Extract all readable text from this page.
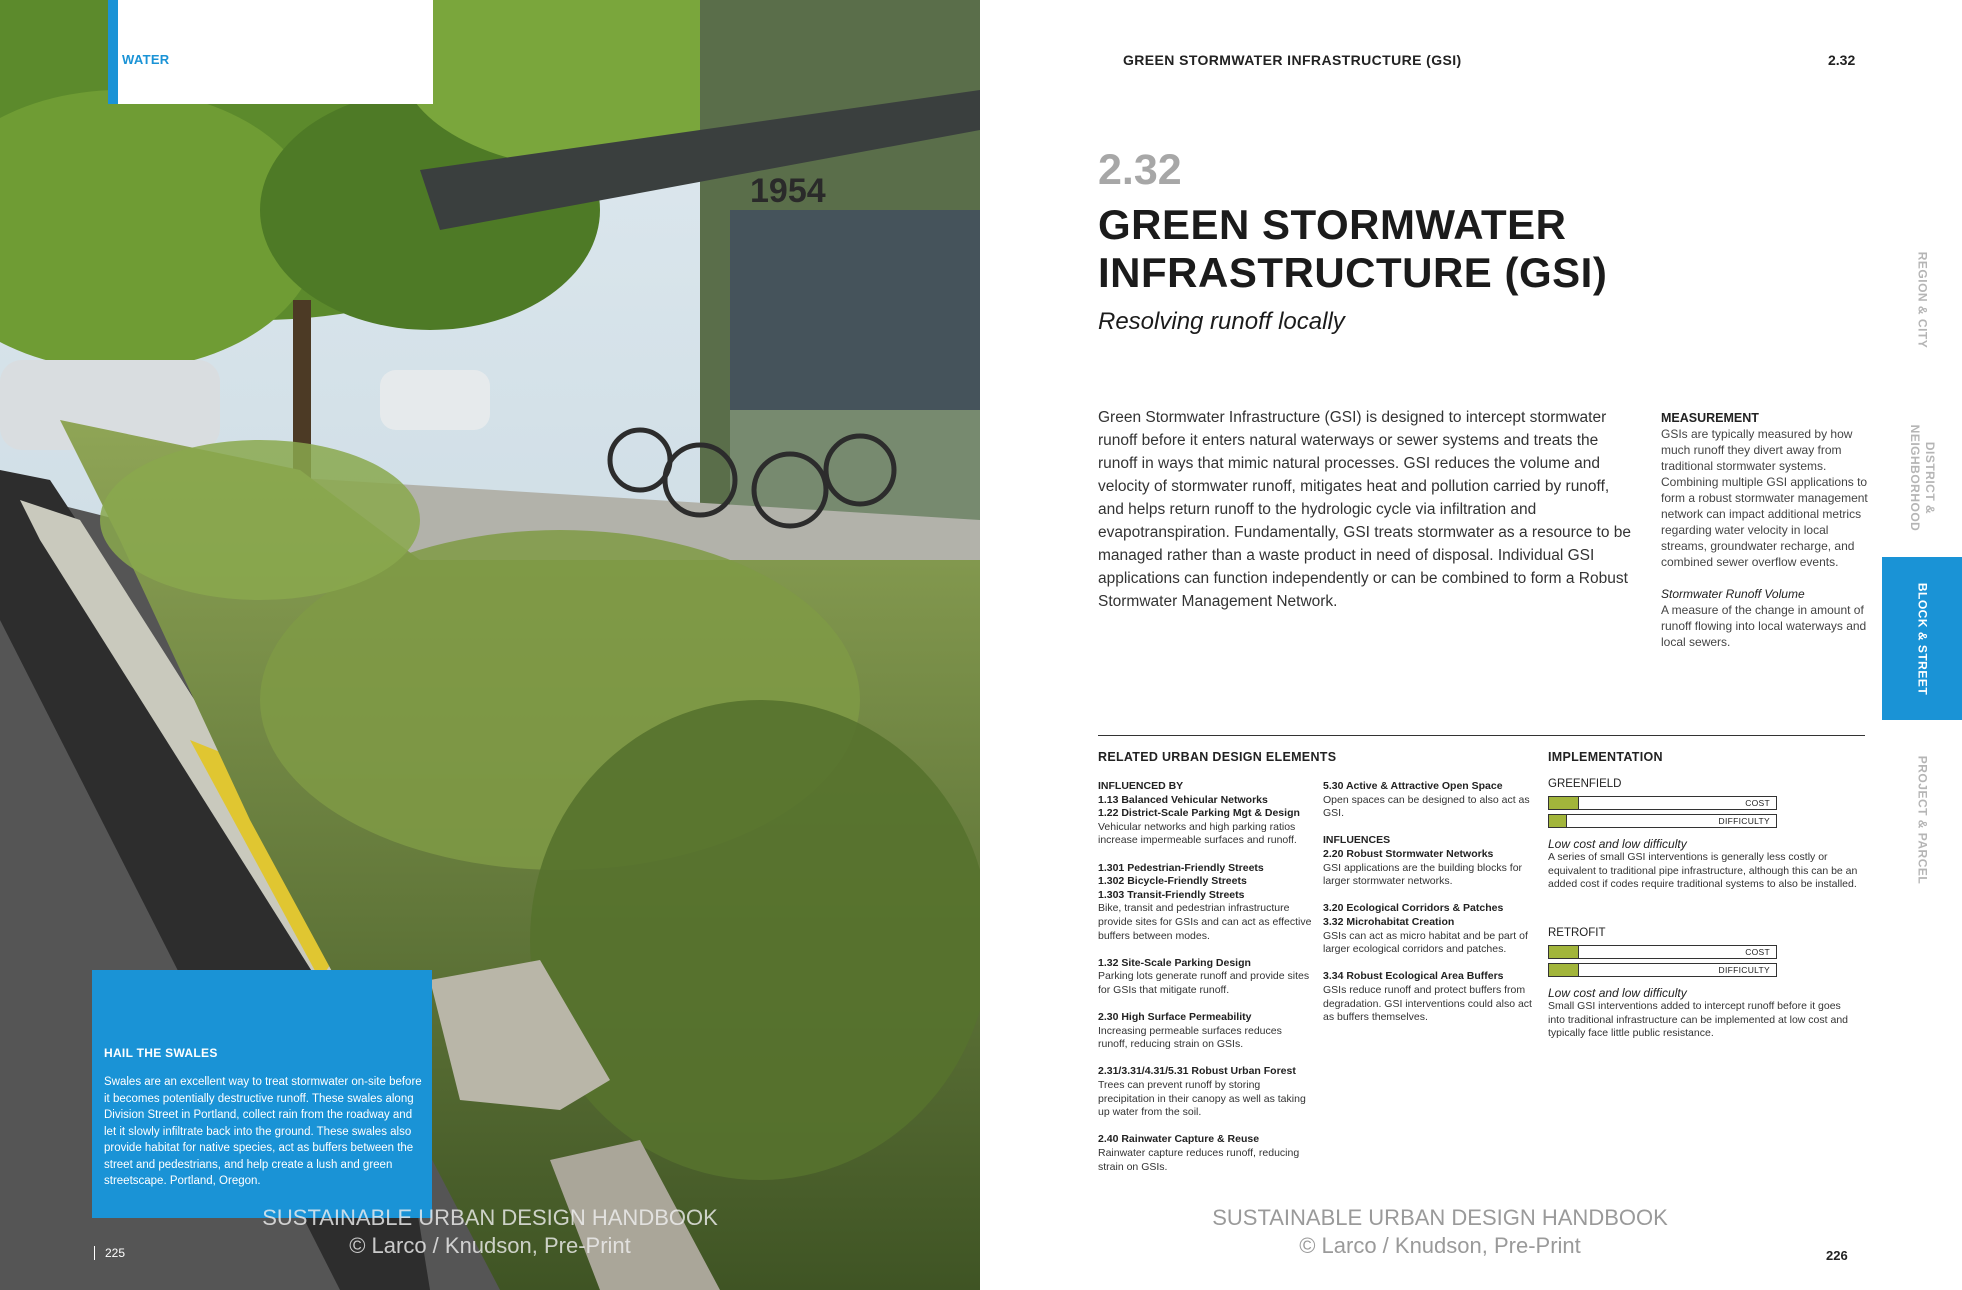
1954
WATER
HAIL THE SWALES

Swales are an excellent way to treat stormwater on-site before it becomes potentially destructive runoff. These swales along Division Street in Portland, collect rain from the roadway and let it slowly infiltrate back into the ground. These swales also provide habitat for native species, act as buffers between the street and pedestrians, and help create a lush and green streetscape. Portland, Oregon.

SUSTAINABLE URBAN DESIGN HANDBOOK
© Larco / Knudson, Pre-Print
225
GREEN STORMWATER INFRASTRUCTURE (GSI)	2.32
2.32
GREEN STORMWATER
INFRASTRUCTURE (GSI)
Resolving runoff locally

Green Stormwater Infrastructure (GSI) is designed to intercept stormwater runoff before it enters natural waterways or sewer systems and treats the runoff in ways that mimic natural processes. GSI reduces the volume and velocity of stormwater runoff, mitigates heat and pollution carried by runoff, and helps return runoff to the hydrologic cycle via infiltration and evapotranspiration. Fundamentally, GSI treats stormwater as a resource to be managed rather than a waste product in need of disposal. Individual GSI applications can function independently or can be combined to form a Robust Stormwater Management Network.

MEASUREMENT
GSIs are typically measured by how much runoff they divert away from traditional stormwater systems. Combining multiple GSI applications to form a robust stormwater management network can impact additional metrics regarding water velocity in local streams, groundwater recharge, and combined sewer overflow events.
Stormwater Runoff Volume
A measure of the change in amount of runoff flowing into local waterways and local sewers.
REGION & CITY
DISTRICT & NEIGHBORHOOD
BLOCK & STREET
PROJECT & PARCEL
RELATED URBAN DESIGN ELEMENTS	IMPLEMENTATION
INFLUENCED BY
1.13 Balanced Vehicular Networks
1.22 District-Scale Parking Mgt & Design
Vehicular networks and high parking ratios increase impermeable surfaces and runoff.
1.301 Pedestrian-Friendly Streets
1.302 Bicycle-Friendly Streets
1.303 Transit-Friendly Streets
Bike, transit and pedestrian infrastructure provide sites for GSIs and can act as effective buffers between modes.
1.32 Site-Scale Parking Design
Parking lots generate runoff and provide sites for GSIs that mitigate runoff.
2.30 High Surface Permeability
Increasing permeable surfaces reduces runoff, reducing strain on GSIs.
2.31/3.31/4.31/5.31 Robust Urban Forest
Trees can prevent runoff by storing precipitation in their canopy as well as taking up water from the soil.
2.40 Rainwater Capture & Reuse
Rainwater capture reduces runoff, reducing strain on GSIs.
5.30 Active & Attractive Open Space
Open spaces can be designed to also act as GSI.
INFLUENCES
2.20 Robust Stormwater Networks
GSI applications are the building blocks for larger stormwater networks.
3.20 Ecological Corridors & Patches
3.32 Microhabitat Creation
GSIs can act as micro habitat and be part of larger ecological corridors and patches.
3.34 Robust Ecological Area Buffers
GSIs reduce runoff and protect buffers from degradation. GSI interventions could also act as buffers themselves.
GREENFIELD
COST
DIFFICULTY
Low cost and low difficulty
A series of small GSI interventions is generally less costly or equivalent to traditional pipe infrastructure, although this can be an added cost if codes require traditional systems to also be installed.
RETROFIT
COST
DIFFICULTY
Low cost and low difficulty
Small GSI interventions added to intercept runoff before it goes into traditional infrastructure can be implemented at low cost and typically face little public resistance.
SUSTAINABLE URBAN DESIGN HANDBOOK
© Larco / Knudson, Pre-Print	226
